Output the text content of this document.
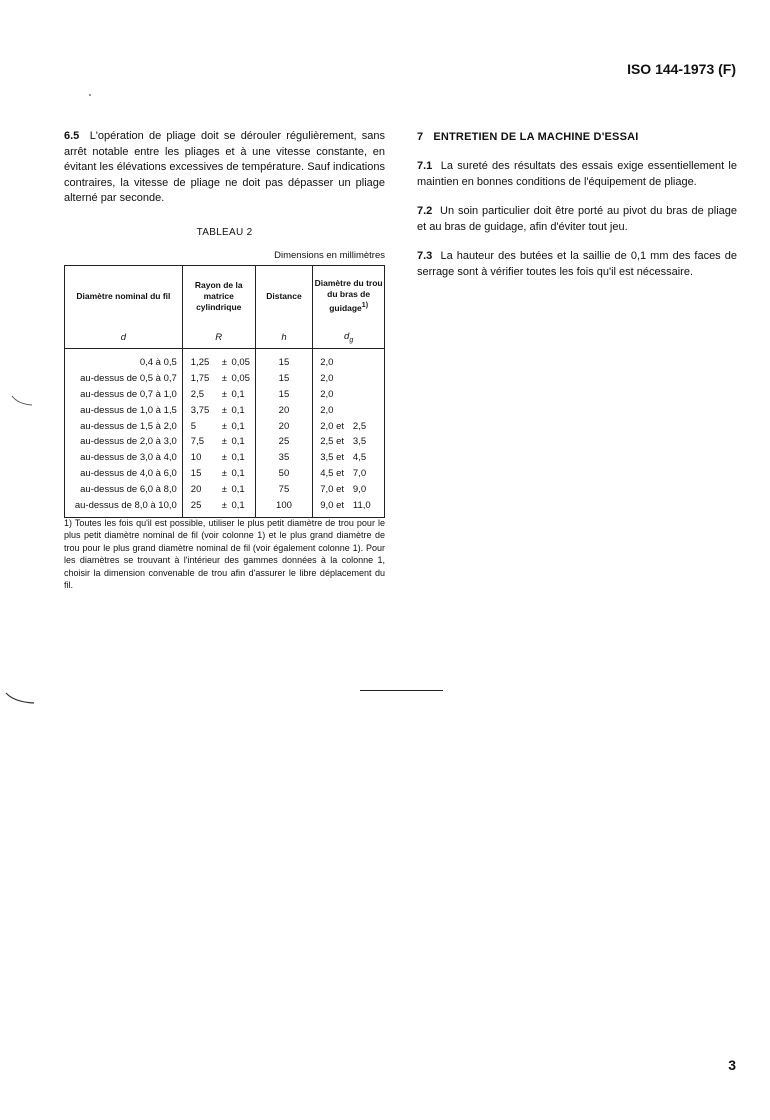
ISO 144-1973 (F)

6.5 L'opération de pliage doit se dérouler régulièrement, sans arrêt notable entre les pliages et à une vitesse constante, en évitant les élévations excessives de température. Sauf indications contraires, la vitesse de pliage ne doit pas dépasser un pliage alterné par seconde.

TABLEAU 2
Dimensions en millimètres
Diamètre nominal du fil	Rayon de la matrice cylindrique	Distance	Diamètre du trou du bras de guidage$^{1)}$
d	R	h	$d_g$
0,4 à 0,5	1,25 ± 0,05	15	2,0
au-dessus de 0,5 à 0,7	1,75 ± 0,05	15	2,0
au-dessus de 0,7 à 1,0	2,5 ± 0,1	15	2,0
au-dessus de 1,0 à 1,5	3,75 ± 0,1	20	2,0
au-dessus de 1,5 à 2,0	5 ± 0,1	20	2,0 et 2,5
au-dessus de 2,0 à 3,0	7,5 ± 0,1	25	2,5 et 3,5
au-dessus de 3,0 à 4,0	10 ± 0,1	35	3,5 et 4,5
au-dessus de 4,0 à 6,0	15 ± 0,1	50	4,5 et 7,0
au-dessus de 6,0 à 8,0	20 ± 0,1	75	7,0 et 9,0
au-dessus de 8,0 à 10,0	25 ± 0,1	100	9,0 et 11,0
1) Toutes les fois qu'il est possible, utiliser le plus petit diamètre de trou pour le plus petit diamètre nominal de fil (voir colonne 1) et le plus grand diamètre de trou pour le plus grand diamètre nominal de fil (voir également colonne 1). Pour les diamètres se trouvant à l'intérieur des gammes données à la colonne 1, choisir la dimension convenable de trou afin d'assurer le libre déplacement du fil.
7 ENTRETIEN DE LA MACHINE D'ESSAI

7.1 La sureté des résultats des essais exige essentiellement le maintien en bonnes conditions de l'équipement de pliage.

7.2 Un soin particulier doit être porté au pivot du bras de pliage et au bras de guidage, afin d'éviter tout jeu.

7.3 La hauteur des butées et la saillie de 0,1 mm des faces de serrage sont à vérifier toutes les fois qu'il est nécessaire.

3
